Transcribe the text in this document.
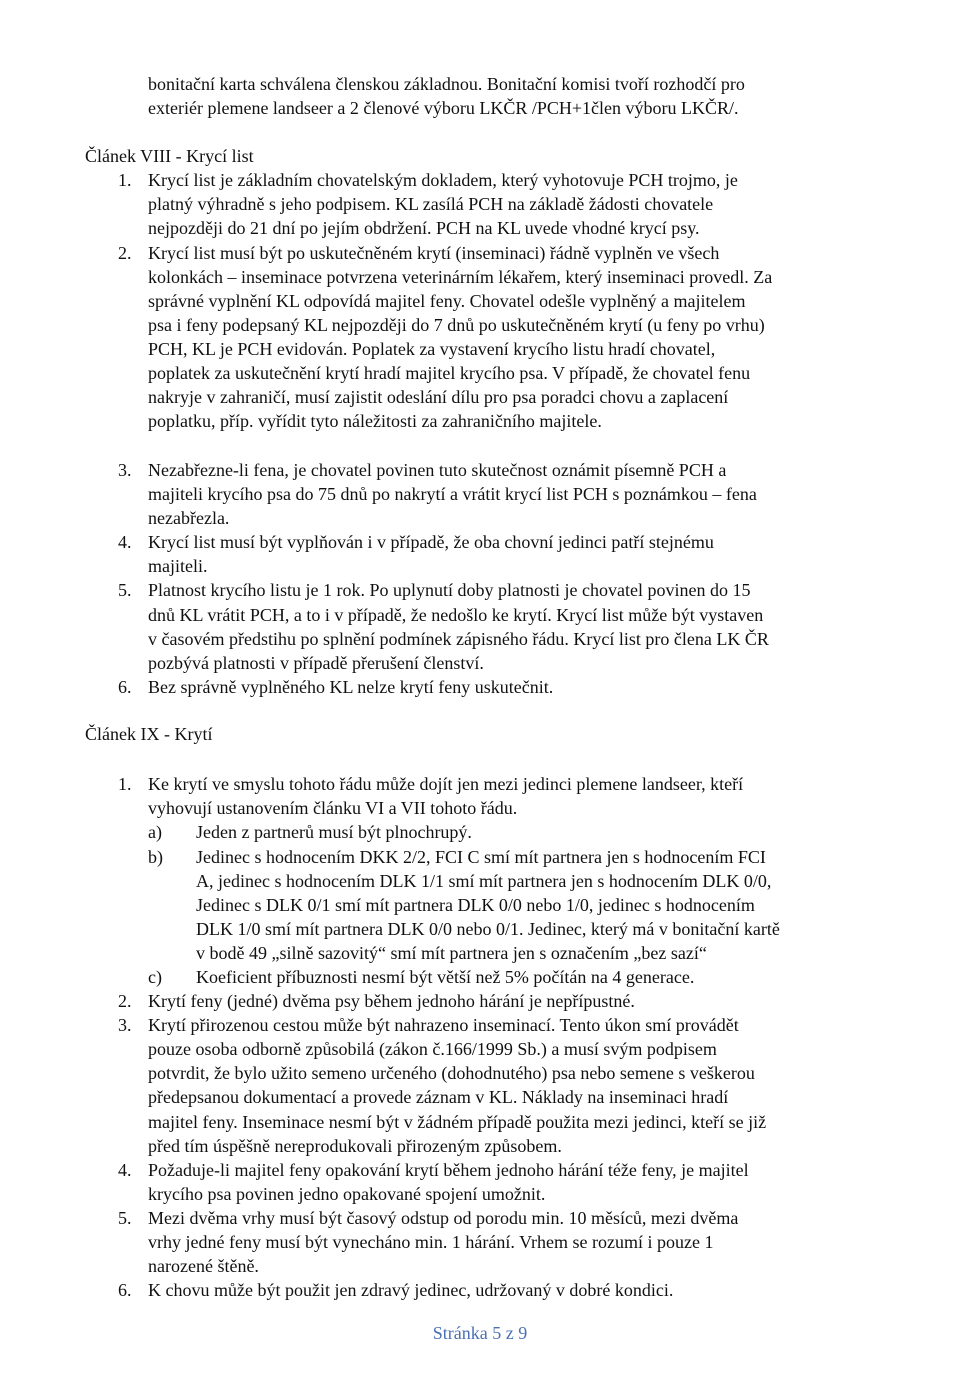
bonitační karta schválena členskou základnou. Bonitační komisi tvoří rozhodčí pro
exteriér plemene landseer a 2 členové výboru LKČR /PCH+1člen výboru LKČR/.
Článek VIII - Krycí list
1. Krycí list je základním chovatelským dokladem, který vyhotovuje PCH trojmo, je
platný výhradně s jeho podpisem. KL zasílá PCH na základě žádosti chovatele
nejpozději do 21 dní po jejím obdržení. PCH na KL uvede vhodné krycí psy.
2. Krycí list musí být po uskutečněném krytí (inseminaci) řádně vyplněn ve všech
kolonkách – inseminace potvrzena veterinárním lékařem, který inseminaci provedl. Za
správné vyplnění KL odpovídá majitel feny. Chovatel odešle vyplněný a majitelem
psa i feny podepsaný KL nejpozději do 7 dnů po uskutečněném krytí (u feny po vrhu)
PCH, KL je PCH evidován. Poplatek za vystavení krycího listu hradí chovatel,
poplatek za uskutečnění krytí hradí majitel krycího psa. V případě, že chovatel fenu
nakryje v zahraničí, musí zajistit odeslání dílu pro psa poradci chovu a zaplacení
poplatku, příp. vyřídit tyto náležitosti za zahraničního majitele.
3. Nezabřezne-li fena, je chovatel povinen tuto skutečnost oznámit písemně PCH a
majiteli krycího psa do 75 dnů po nakrytí a vrátit krycí list PCH s poznámkou – fena
nezabřezla.
4. Krycí list musí být vyplňován i v případě, že oba chovní jedinci patří stejnému
majiteli.
5. Platnost krycího listu je 1 rok. Po uplynutí doby platnosti je chovatel povinen do 15
dnů KL vrátit PCH, a to i v případě, že nedošlo ke krytí. Krycí list může být vystaven
v časovém předstihu po splnění podmínek zápisného řádu. Krycí list pro člena LK ČR
pozbývá platnosti v případě přerušení členství.
6. Bez správně vyplněného KL nelze krytí feny uskutečnit.
Článek IX - Krytí
1. Ke krytí ve smyslu tohoto řádu může dojít jen mezi jedinci plemene landseer, kteří
vyhovují ustanovením článku VI a VII tohoto řádu.
a) Jeden z partnerů musí být plnochrupý.
b) Jedinec s hodnocením DKK 2/2, FCI C smí mít partnera jen s hodnocením FCI
A, jedinec s hodnocením DLK 1/1 smí mít partnera jen s hodnocením DLK 0/0,
Jedinec s DLK 0/1 smí mít partnera DLK 0/0 nebo 1/0, jedinec s hodnocením
DLK 1/0 smí mít partnera DLK 0/0 nebo 0/1. Jedinec, který má v bonitační kartě
v bodě 49 „silně sazovitý“ smí mít partnera jen s označením „bez sazí“
c) Koeficient příbuznosti nesmí být větší než 5% počítán na 4 generace.
2. Krytí feny (jedné) dvěma psy během jednoho hárání je nepřípustné.
3. Krytí přirozenou cestou může být nahrazeno inseminací. Tento úkon smí provádět
pouze osoba odborně způsobilá (zákon č.166/1999 Sb.) a musí svým podpisem
potvrdit, že bylo užito semeno určeného (dohodnutého) psa nebo semene s veškerou
předepsanou dokumentací a provede záznam v KL. Náklady na inseminaci hradí
majitel feny. Inseminace nesmí být v žádném případě použita mezi jedinci, kteří se již
před tím úspěšně nereprodukovali přirozeným způsobem.
4. Požaduje-li majitel feny opakování krytí během jednoho hárání téže feny, je majitel
krycího psa povinen jedno opakované spojení umožnit.
5. Mezi dvěma vrhy musí být časový odstup od porodu min. 10 měsíců, mezi dvěma
vrhy jedné feny musí být vynecháno min. 1 hárání. Vrhem se rozumí i pouze 1
narozené štěně.
6. K chovu může být použit jen zdravý jedinec, udržovaný v dobré kondici.
Stránka 5 z 9
